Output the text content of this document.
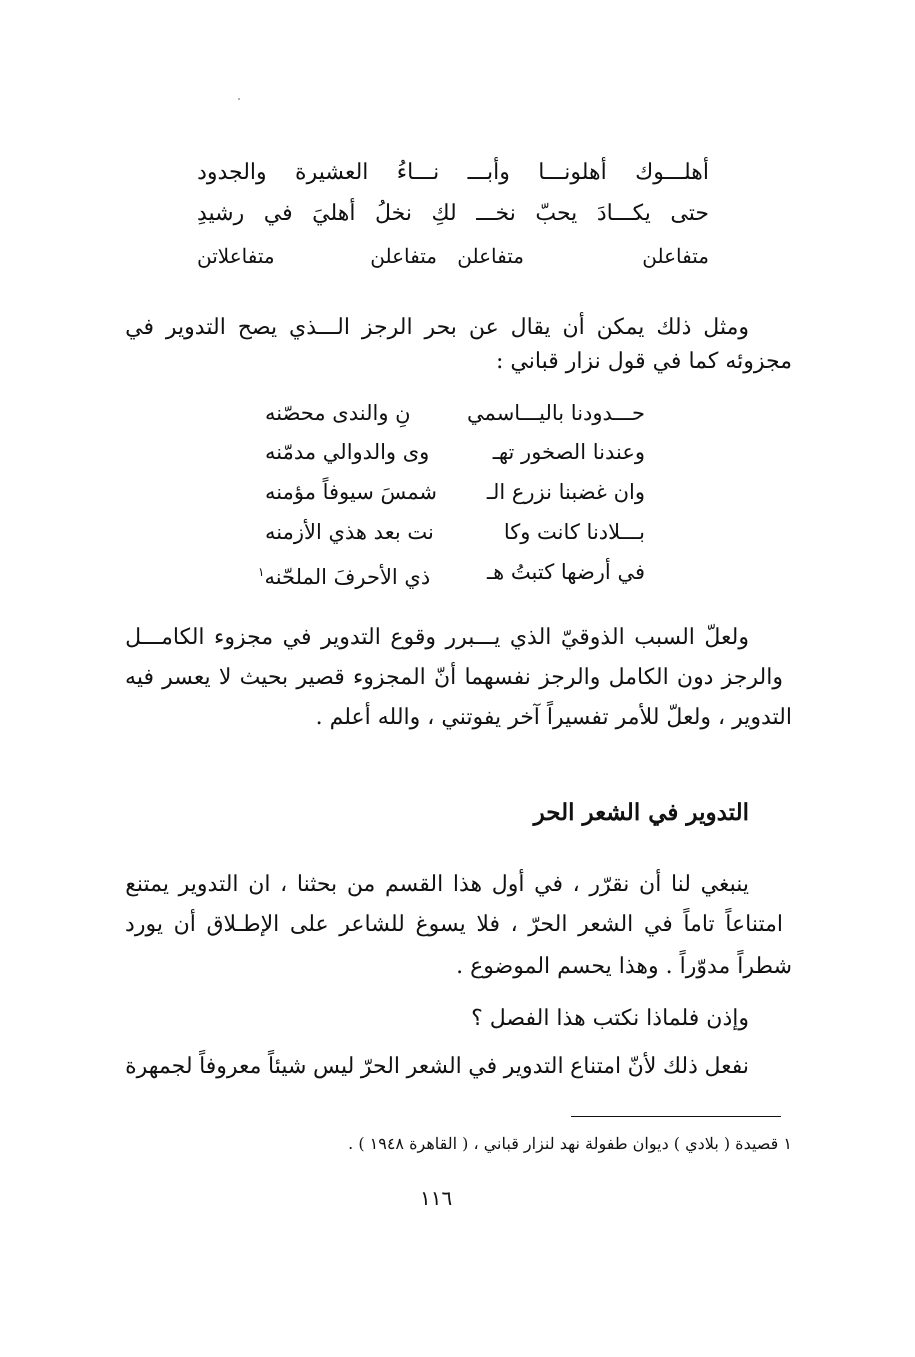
أهلـــوك
أهلونـــا
وأبـــ
نـــاءُ
العشيرة
والجدود
حتى
يكـــادَ
يحبّ
نخـــ
لكِ
نخلُ
أهليَ
في
رشيدِ
متفاعلن
متفاعلن
متفاعلن
متفاعلاتن
ومثل
ذلك
يمكن
أن
يقال
عن
بحر
الرجز
الـــذي
يصح
التدوير
في
مجزوئه كما في قول نزار قباني :
حـــدودنا باليـــاسمي
نِ والندى محصّنه
وعندنا الصخور تهـ
وى والدوالي مدمّنه
وان غضبنا نزرع الـ
شمسَ سيوفاً مؤمنه
بـــلادنا كانت وكا
نت بعد هذي الأزمنه
في أرضها كتبتُ هـ
ذي الأحرفَ الملحّنه$^١$
ولعلّ
السبب
الذوقيّ
الذي
يـــبرر
وقوع
التدوير
في
مجزوء
الكامـــل
والرجز
دون
الكامل
والرجز
نفسهما
أنّ
المجزوء
قصير
بحيث
لا
يعسر
فيه
التدوير ، ولعلّ للأمر تفسيراً آخر يفوتني ، والله أعلم .
التدوير في الشعر الحر
ينبغي
لنا
أن
نقرّر
،
في
أول
هذا
القسم
من
بحثنا
،
ان
التدوير
يمتنع
امتناعاً
تاماً
في
الشعر
الحرّ
،
فلا
يسوغ
للشاعر
على
الإطـلاق
أن
يورد
شطراً مدوّراً . وهذا يحسم الموضوع .
وإذن فلماذا نكتب هذا الفصل ؟
نفعل
ذلك
لأنّ
امتناع
التدوير
في
الشعر
الحرّ
ليس
شيئاً
معروفاً
لجمهرة
١ قصيدة ( بلادي ) ديوان طفولة نهد لنزار قباني ، ( القاهرة ١٩٤٨ ) .
١١٦
